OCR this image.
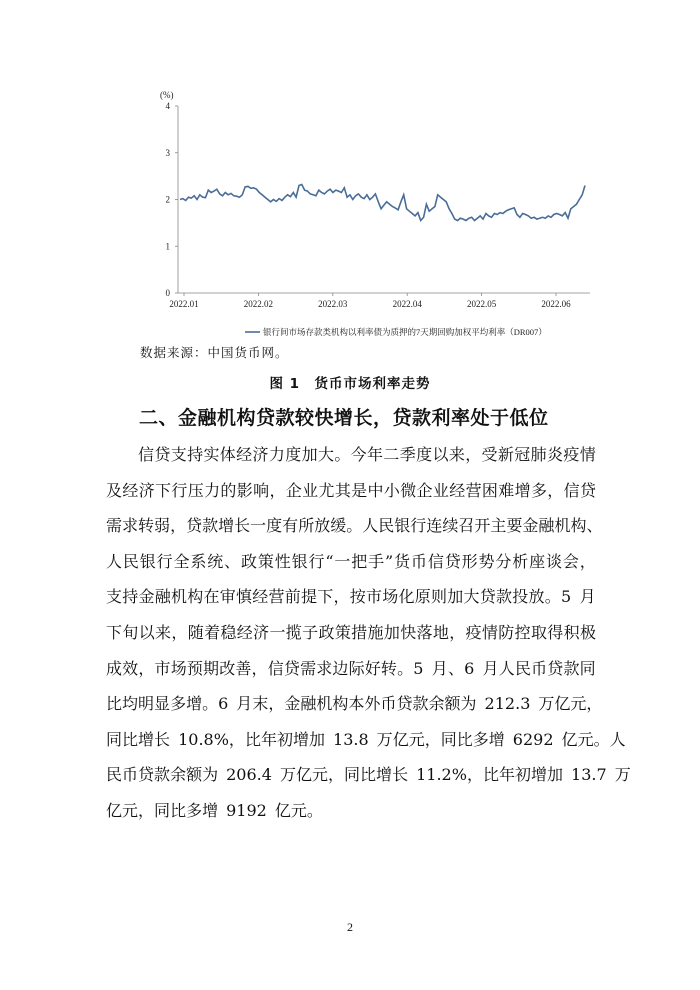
(%)
0
1
2
3
4
2022.01	2022.02	2022.03	2022.04	2022.05	2022.06
银行间市场存款类机构以利率债为质押的7天期回购加权平均利率（DR007）
数据来源：中国货币网。
图 1　货币市场利率走势
二、金融机构贷款较快增长，贷款利率处于低位
信 贷 支 持 实 体 经 济 力 度 加 大 。 今 年 二 季 度 以 来 ， 受 新 冠 肺 炎 疫 情
及 经 济 下 行 压 力 的 影 响 ， 企 业 尤 其 是 中 小 微 企 业 经 营 困 难 增 多 ， 信 贷
需 求 转 弱 ， 贷 款 增 长 一 度 有 所 放 缓 。 人 民 银 行 连 续 召 开 主 要 金 融 机 构 、
人 民 银 行 全 系 统 、 政 策 性 银 行 “ 一 把 手 ” 货 币 信 贷 形 势 分 析 座 谈 会 ，
支 持 金 融 机 构 在 审 慎 经 营 前 提 下 ， 按 市 场 化 原 则 加 大 贷 款 投 放 。 5
  月
下 旬 以 来 ， 随 着 稳 经 济 一 揽 子 政 策 措 施 加 快 落 地 ， 疫 情 防 控 取 得 积 极
成 效 ， 市 场 预 期 改 善 ， 信 贷 需 求 边 际 好 转 。 5
  月 、 6
  月 人 民 币 贷 款 同
比 均 明 显 多 增 。 6
  月 末 ， 金 融 机 构 本 外 币 贷 款 余 额 为
  2 1 2 . 3
  万 亿 元 ，
同 比 增 长
  1 0 . 8 % ， 比 年 初 增 加
  1 3 . 8
  万 亿 元 ， 同 比 多 增
  6 2 9 2
  亿 元 。 人
民 币 贷 款 余 额 为
  2 0 6 . 4
  万 亿 元 ， 同 比 增 长
  1 1 . 2 % ， 比 年 初 增 加
  1 3 . 7
  万
亿 元 ， 同 比 多 增
  9 1 9 2
  亿 元 。
2
